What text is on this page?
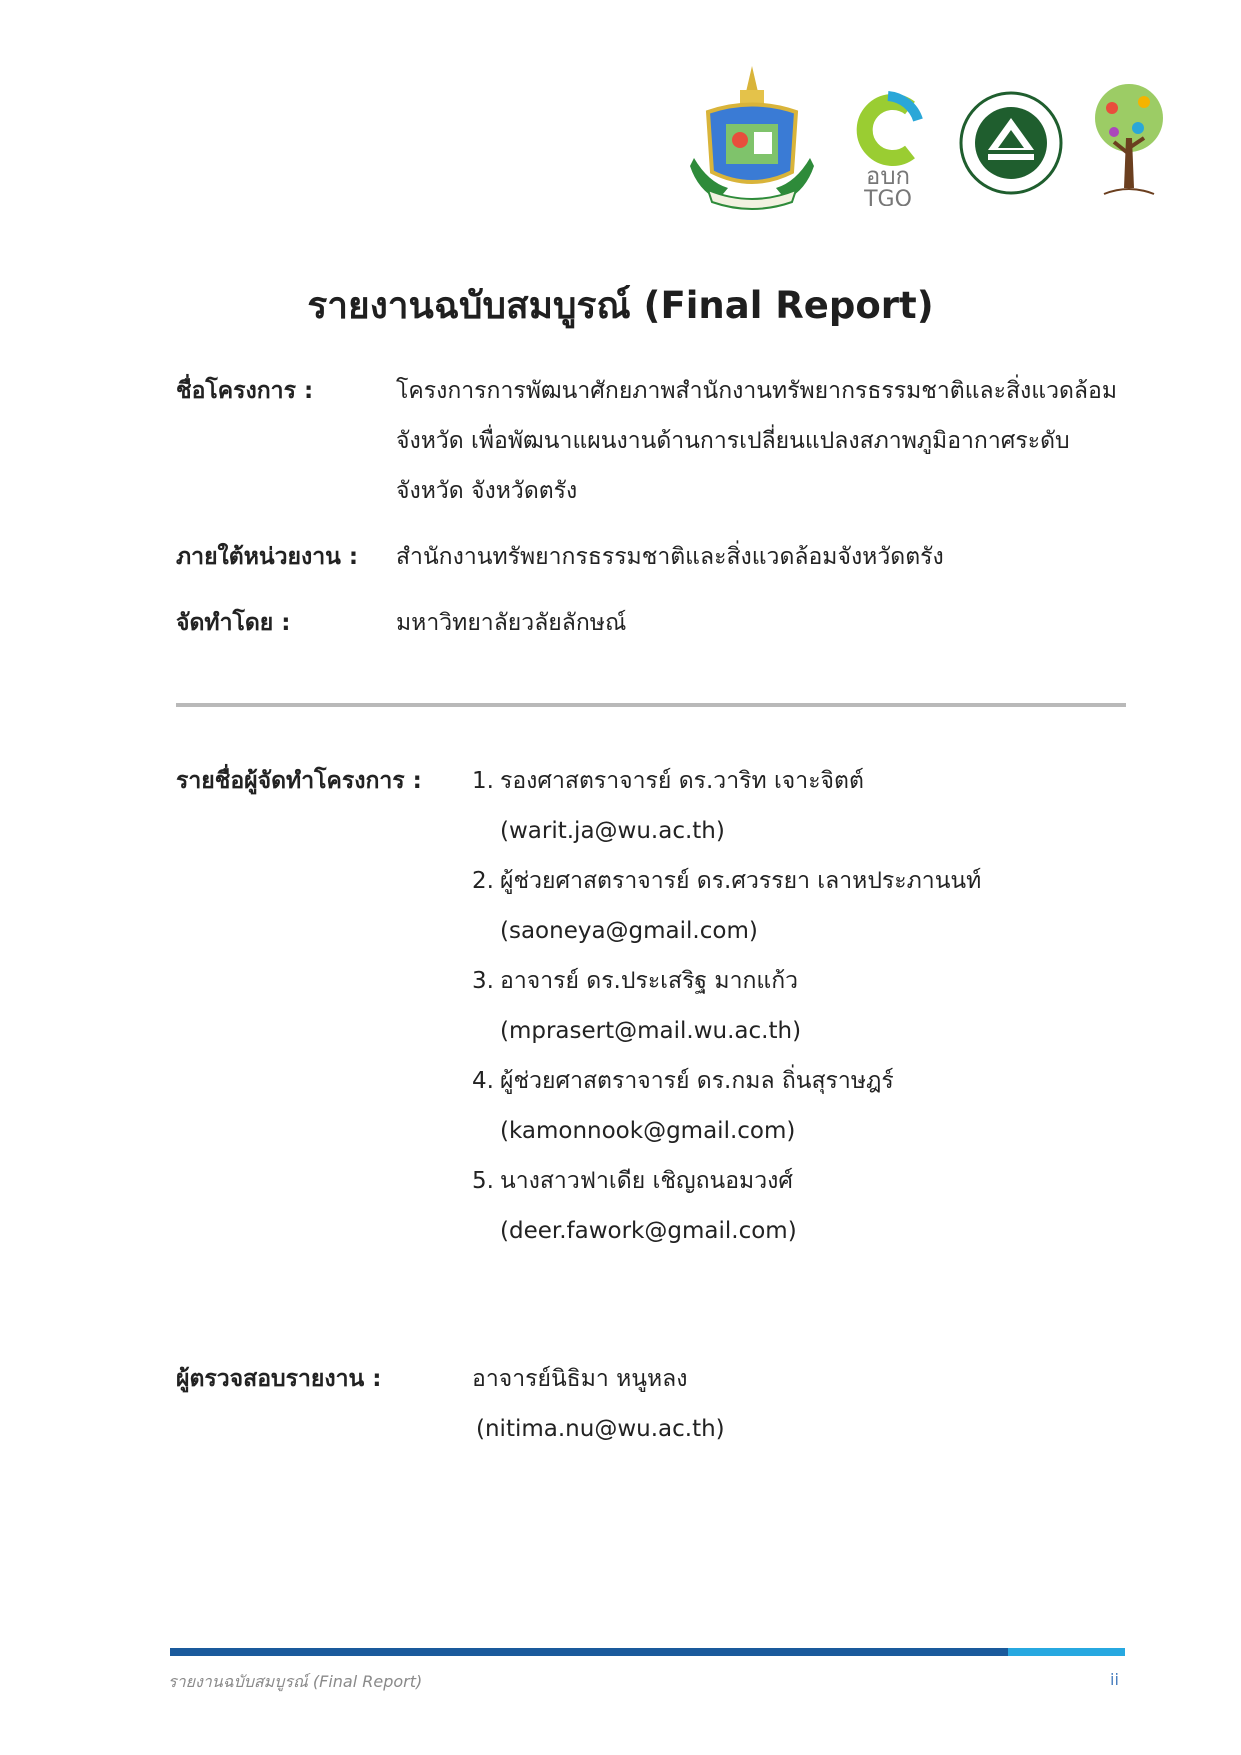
อบก
TGO
รายงานฉบับสมบูรณ์ (Final Report)
ชื่อโครงการ :	โครงการการพัฒนาศักยภาพสำนักงานทรัพยากรธรรมชาติและสิ่งแวดล้อม
จังหวัด เพื่อพัฒนาแผนงานด้านการเปลี่ยนแปลงสภาพภูมิอากาศระดับ
จังหวัด จังหวัดตรัง
ภายใต้หน่วยงาน : สำนักงานทรัพยากรธรรมชาติและสิ่งแวดล้อมจังหวัดตรัง
จัดทำโดย :	มหาวิทยาลัยวลัยลักษณ์
รายชื่อผู้จัดทำโครงการ : 1. รองศาสตราจารย์ ดร.วาริท เจาะจิตต์
(warit.ja@wu.ac.th)
2. ผู้ช่วยศาสตราจารย์ ดร.ศวรรยา เลาหประภานนท์
(saoneya@gmail.com)
3. อาจารย์ ดร.ประเสริฐ มากแก้ว
(mprasert@mail.wu.ac.th)
4. ผู้ช่วยศาสตราจารย์ ดร.กมล ถิ่นสุราษฎร์
(kamonnook@gmail.com)
5. นางสาวฟาเดีย เชิญถนอมวงศ์
(deer.fawork@gmail.com)
ผู้ตรวจสอบรายงาน :	อาจารย์นิธิมา หนูหลง
(nitima.nu@wu.ac.th)
รายงานฉบับสมบูรณ์ (Final Report)	ii
